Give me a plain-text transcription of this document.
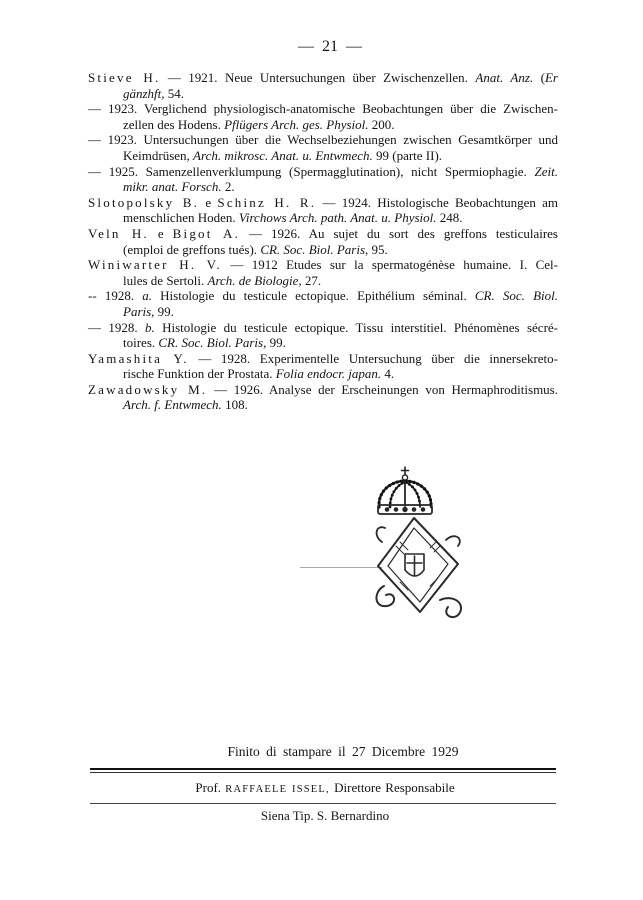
— 21 —
Stieve H. — 1921. Neue Untersuchungen über Zwischenzellen. Anat. Anz. (Er
gänzhft, 54.
— 1923. Verglichend physiologisch-anatomische Beobachtungen über die Zwischen-
zellen des Hodens. Pflügers Arch. ges. Physiol. 200.
— 1923. Untersuchungen über die Wechselbeziehungen zwischen Gesamtkörper und
Keimdrüsen, Arch. mikrosc. Anat. u. Entwmech. 99 (parte II).
— 1925. Samenzellenverklumpung (Spermagglutination), nicht Spermiophagie. Zeit.
mikr. anat. Forsch. 2.
Slotopolsky B. e Schinz H. R. — 1924. Histologische Beobachtungen am
menschlichen Hoden. Virchows Arch. path. Anat. u. Physiol. 248.
Veln H. e Bigot A. — 1926. Au sujet du sort des greffons testiculaires
(emploi de greffons tués). CR. Soc. Biol. Paris, 95.
Winiwarter H. V. — 1912 Etudes sur la spermatogénèse humaine. I. Cel-
lules de Sertoli. Arch. de Biologie, 27.
-- 1928. a. Histologie du testicule ectopique. Epithélium séminal. CR. Soc. Biol.
Paris, 99.
— 1928. b. Histologie du testicule ectopique. Tissu interstitiel. Phénomènes sécré-
toires. CR. Soc. Biol. Paris, 99.
Yamashita Y. — 1928. Experimentelle Untersuchung über die innersekreto-
rische Funktion der Prostata. Folia endocr. japan. 4.
Zawadowsky M. — 1926. Analyse der Erscheinungen von Hermaphroditismus.
Arch. f. Entwmech. 108.
Finito di stampare il 27 Dicembre 1929
Prof. RAFFAELE ISSEL, Direttore Responsabile
Siena Tip. S. Bernardino
